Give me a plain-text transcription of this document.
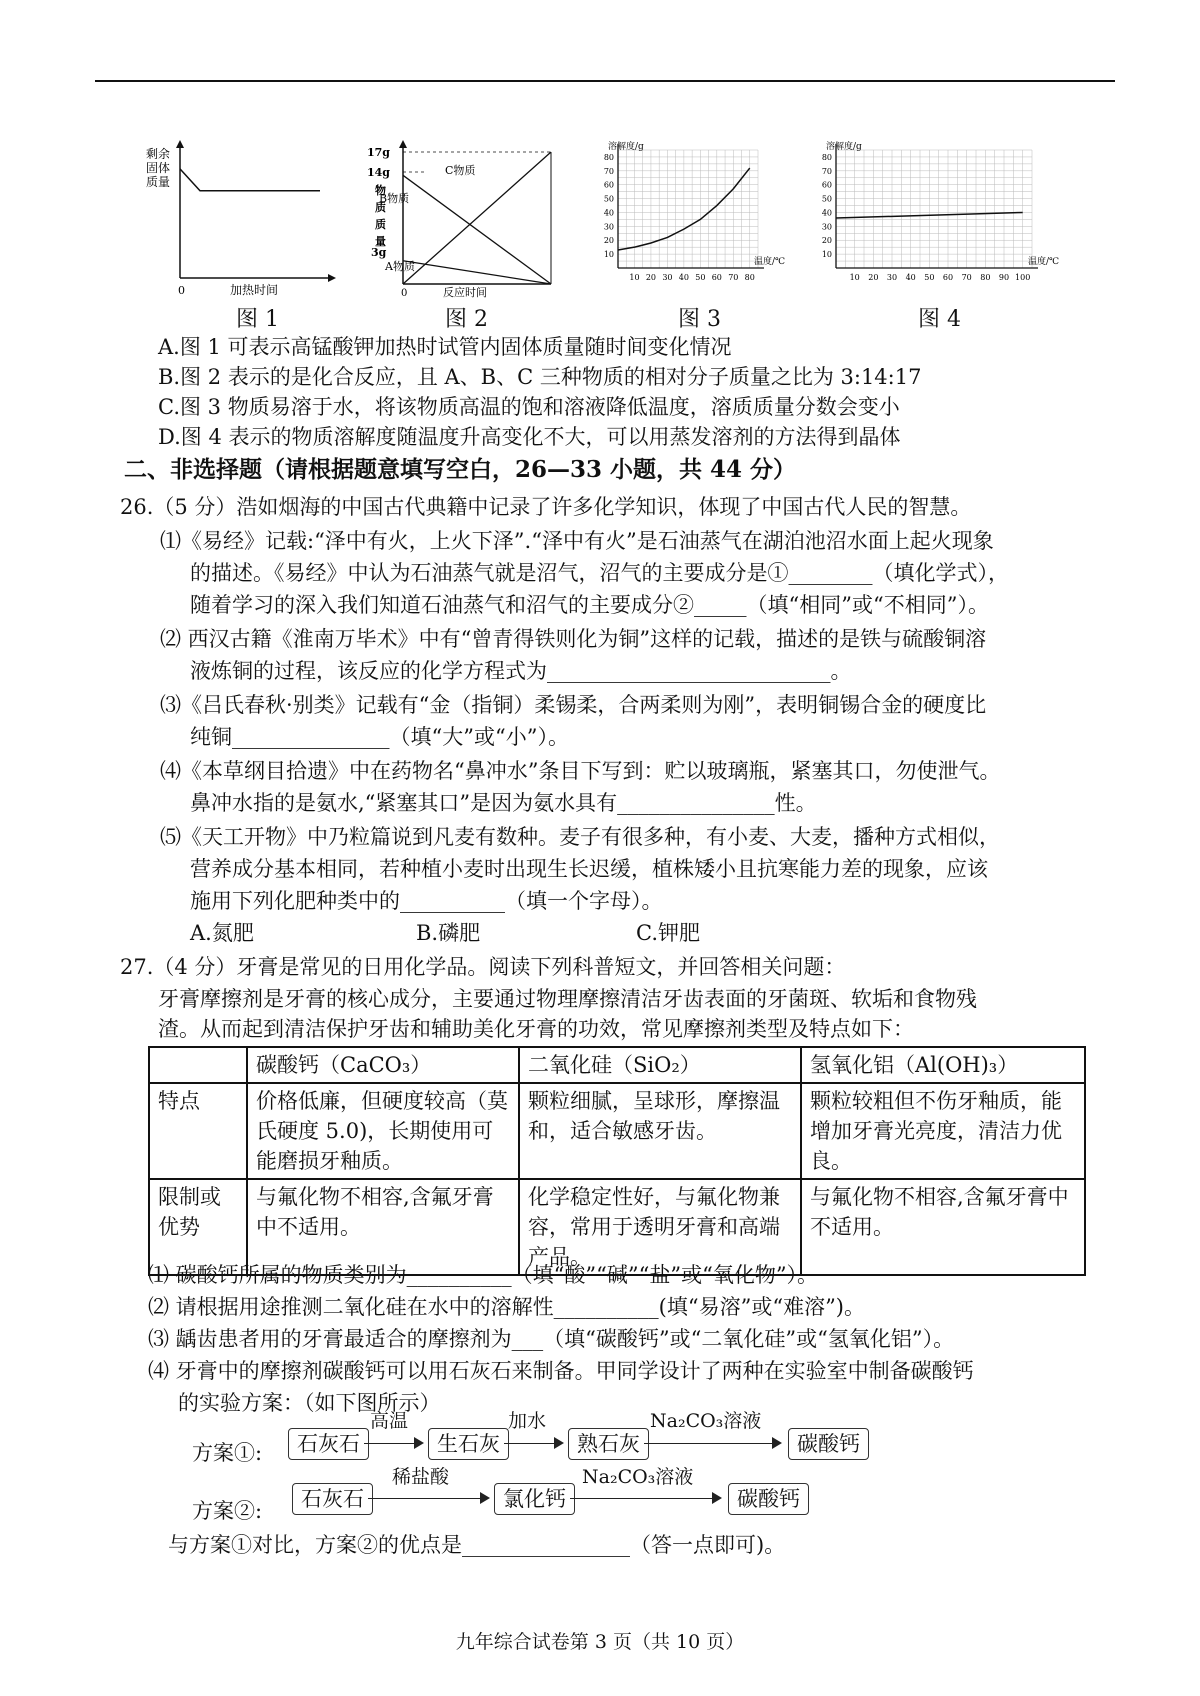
剩余
固体
质量
0	加热时间
17g
14g
3g
C物质
B物质
A物质
物
质
质
量
0	反应时间
10
20
30
40
50
60
70
80
10 20 30 40 50 60 70 80
溶解度/g
温度/℃
10
20
30
40
50
60
70
80
10 20 30 40 50 60 70 80 90 100
溶解度/g
温度/℃
图 1	图 2	图 3	图 4
A.图 1 可表示高锰酸钾加热时试管内固体质量随时间变化情况
B.图 2 表示的是化合反应，且 A、B、C 三种物质的相对分子质量之比为 3:14:17
C.图 3 物质易溶于水，将该物质高温的饱和溶液降低温度，溶质质量分数会变小
D.图 4 表示的物质溶解度随温度升高变化不大，可以用蒸发溶剂的方法得到晶体
二、非选择题（请根据题意填写空白，26—33 小题，共 44 分）
26.（5 分）浩如烟海的中国古代典籍中记录了许多化学知识，体现了中国古代人民的智慧。
⑴《易经》记载:“泽中有火，上火下泽”.“泽中有火”是石油蒸气在湖泊池沼水面上起火现象
的描述。《易经》中认为石油蒸气就是沼气，沼气的主要成分是①________（填化学式），
随着学习的深入我们知道石油蒸气和沼气的主要成分②_____（填“相同”或“不相同”）。
⑵ 西汉古籍《淮南万毕术》中有“曾青得铁则化为铜”这样的记载，描述的是铁与硫酸铜溶
液炼铜的过程，该反应的化学方程式为___________________________。
⑶《吕氏春秋·别类》记载有“金（指铜）柔锡柔，合两柔则为刚”，表明铜锡合金的硬度比
纯铜_______________（填“大”或“小”）。
⑷《本草纲目拾遗》中在药物名“鼻冲水”条目下写到：贮以玻璃瓶，紧塞其口，勿使泄气。
鼻冲水指的是氨水,“紧塞其口”是因为氨水具有_______________性。
⑸《天工开物》中乃粒篇说到凡麦有数种。麦子有很多种，有小麦、大麦，播种方式相似，
营养成分基本相同，若种植小麦时出现生长迟缓，植株矮小且抗寒能力差的现象，应该
施用下列化肥种类中的__________（填一个字母）。
A.氮肥	B.磷肥	C.钾肥
27.（4 分）牙膏是常见的日用化学品。阅读下列科普短文，并回答相关问题：
牙膏摩擦剂是牙膏的核心成分，主要通过物理摩擦清洁牙齿表面的牙菌斑、软垢和食物残
渣。从而起到清洁保护牙齿和辅助美化牙膏的功效，常见摩擦剂类型及特点如下：
	碳酸钙（CaCO₃）	二氧化硅（SiO₂）	氢氧化铝（Al(OH)₃）
特点	价格低廉，但硬度较高（莫氏硬度 5.0)，长期使用可能磨损牙釉质。	颗粒细腻，呈球形，摩擦温和，适合敏感牙齿。	颗粒较粗但不伤牙釉质，能增加牙膏光亮度，清洁力优良。
限制或优势	与氟化物不相容,含氟牙膏中不适用。	化学稳定性好，与氟化物兼容，常用于透明牙膏和高端产品。	与氟化物不相容,含氟牙膏中不适用。
⑴ 碳酸钙所属的物质类别为__________（填“酸”“碱”“盐”或“氧化物”）。
⑵ 请根据用途推测二氧化硅在水中的溶解性__________(填“易溶”或“难溶”)。
⑶ 龋齿患者用的牙膏最适合的摩擦剂为___（填“碳酸钙”或“二氧化硅”或“氢氧化铝”）。
⑷ 牙膏中的摩擦剂碳酸钙可以用石灰石来制备。甲同学设计了两种在实验室中制备碳酸钙
的实验方案：（如下图所示）
方案①:	石灰石
高温
生石灰
加水
熟石灰
Na₂CO₃溶液
碳酸钙
方案②:	石灰石
稀盐酸
氯化钙
Na₂CO₃溶液
碳酸钙
与方案①对比，方案②的优点是________________（答一点即可)。
九年综合试卷第 3 页（共 10 页）
